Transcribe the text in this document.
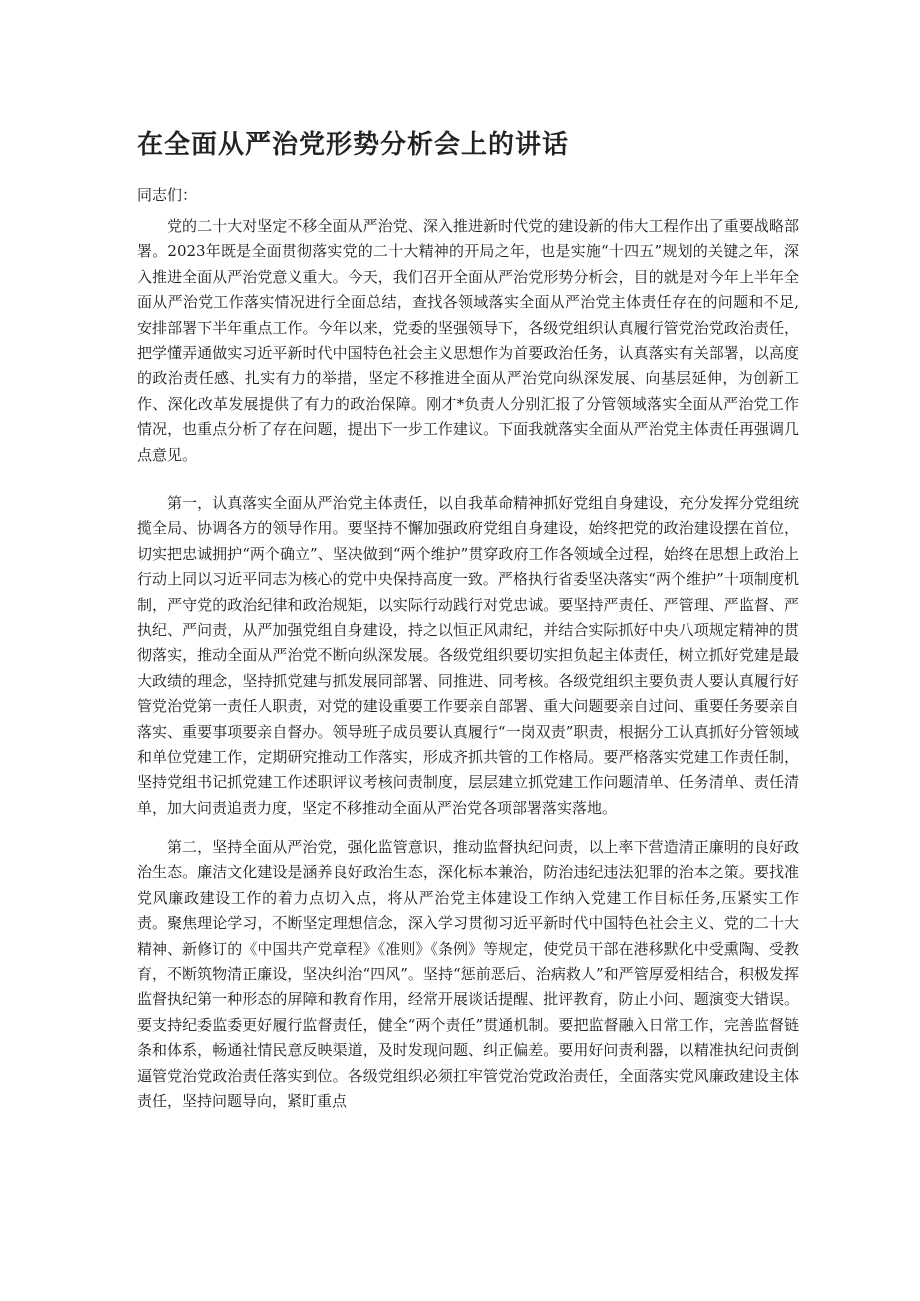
在全面从严治党形势分析会上的讲话

同志们：

党的二十大对坚定不移全面从严治党、深入推进新时代党的建设新的伟大工程作出了重要战略部署。2023年既是全面贯彻落实党的二十大精神的开局之年，也是实施“十四五”规划的关键之年，深入推进全面从严治党意义重大。今天，我们召开全面从严治党形势分析会，目的就是对今年上半年全面从严治党工作落实情况进行全面总结，查找各领域落实全面从严治党主体责任存在的问题和不足,安排部署下半年重点工作。今年以来，党委的坚强领导下，各级党组织认真履行管党治党政治责任，把学懂弄通做实习近平新时代中国特色社会主义思想作为首要政治任务，认真落实有关部署，以高度的政治责任感、扎实有力的举措，坚定不移推进全面从严治党向纵深发展、向基层延伸，为创新工作、深化改革发展提供了有力的政治保障。刚才*负责人分别汇报了分管领域落实全面从严治党工作情况，也重点分析了存在问题，提出下一步工作建议。下面我就落实全面从严治党主体责任再强调几点意见。

第一，认真落实全面从严治党主体责任，以自我革命精神抓好党组自身建设，充分发挥分党组统揽全局、协调各方的领导作用。要坚持不懈加强政府党组自身建设，始终把党的政治建设摆在首位，切实把忠诚拥护“两个确立”、坚决做到“两个维护”贯穿政府工作各领域全过程，始终在思想上政治上行动上同以习近平同志为核心的党中央保持高度一致。严格执行省委坚决落实“两个维护”十项制度机制，严守党的政治纪律和政治规矩，以实际行动践行对党忠诚。要坚持严责任、严管理、严监督、严执纪、严问责，从严加强党组自身建设，持之以恒正风肃纪，并结合实际抓好中央八项规定精神的贯彻落实，推动全面从严治党不断向纵深发展。各级党组织要切实担负起主体责任，树立抓好党建是最大政绩的理念，坚持抓党建与抓发展同部署、同推进、同考核。各级党组织主要负责人要认真履行好管党治党第一责任人职责，对党的建设重要工作要亲自部署、重大问题要亲自过问、重要任务要亲自落实、重要事项要亲自督办。领导班子成员要认真履行“一岗双责”职责，根据分工认真抓好分管领域和单位党建工作，定期研究推动工作落实，形成齐抓共管的工作格局。要严格落实党建工作责任制，坚持党组书记抓党建工作述职评议考核问责制度，层层建立抓党建工作问题清单、任务清单、责任清单，加大问责追责力度，坚定不移推动全面从严治党各项部署落实落地。

第二，坚持全面从严治党，强化监管意识，推动监督执纪问责，以上率下营造清正廉明的良好政治生态。廉洁文化建设是涵养良好政治生态，深化标本兼治，防治违纪违法犯罪的治本之策。要找准党风廉政建设工作的着力点切入点，将从严治党主体建设工作纳入党建工作目标任务,压紧实工作责。聚焦理论学习，不断坚定理想信念，深入学习贯彻习近平新时代中国特色社会主义、党的二十大精神、新修订的《中国共产党章程》《准则》《条例》等规定，使党员干部在港移默化中受熏陶、受教育，不断筑物清正廉设，坚决纠治“四风”。坚持“惩前恶后、治病救人”和严管厚爱相结合，积极发挥监督执纪第一种形态的屏障和教育作用，经常开展谈话提醒、批评教育，防止小问、题演变大错误。要支持纪委监委更好履行监督责任，健全“两个责任”贯通机制。要把监督融入日常工作，完善监督链条和体系，畅通社情民意反映渠道，及时发现问题、纠正偏差。要用好问责利器，以精准执纪问责倒逼管党治党政治责任落实到位。各级党组织必须扛牢管党治党政治责任，全面落实党风廉政建设主体责任，坚持问题导向，紧盯重点
